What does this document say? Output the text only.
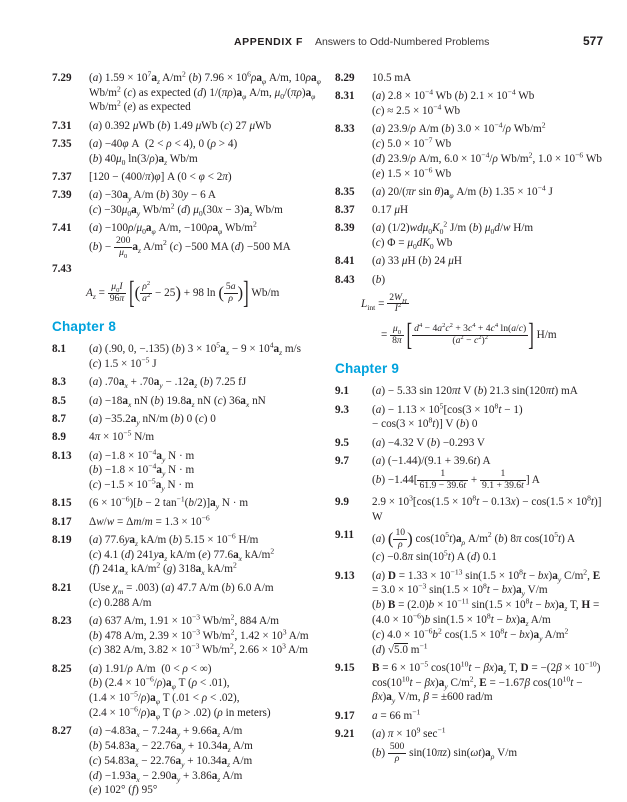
APPENDIX F Answers to Odd-Numbered Problems	577
7.29	(a) $1.59 \times 10^7a_z$ $A/m^2$ (b) $7.96 \times 10^6\rho a_\varphi$ A/m, $10\rho a_\varphi$ $Wb/m^2$ (c) as expected (d) $1/(\pi\rho)a_\varphi$ A/m, $\mu_0/(\pi\rho)a_\varphi$ $Wb/m^2$ (e) as expected
7.31	(a) 0.392 μWb (b) 1.49 μWb (c) 27 μWb
7.35	(a) −40φ A  (2 < ρ < 4), 0 (ρ > 4)
(b) $40\mu_0$ $\ln(3/\rho)a_z$ Wb/m
7.37	[120 − (400/π)φ] A (0 < φ < 2π)
7.39	$(a) -30a_y$ A/m (b) 30y − 6 A
$(c) -30\mu_0a_y$ $Wb/m^2$ (d) $\mu_0(30x - 3)a_z$ Wb/m
7.41	$(a) -100\rho/\mu_0a_\varphi$ A/m, $-100\rho a_\varphi$ $Wb/m^2$
$(b) - \frac{200}{\mu_0} a_z$ $A/m^2$ (c) −500 MA (d) −500 MA
7.43
$A_z = \frac{\mu_0I}{96\pi}$ [( $\frac{\rho^2}{a^2} - 25) + 98$ ln ( $\frac{5a}{\rho}$ )] Wb/m
Chapter 8
8.1	(a) (.90, 0, −.135) (b) $3 \times 10^5a_x - 9 \times 10^4a_z$ m/s
(c) $1.5 \times 10^{-5}$ J
8.3	(a) $.70a_x + .70a_y - .12a_z$ (b) 7.25 fJ
8.5	$(a) -18a_x$ nN (b) $19.8a_z$ nN (c) $36a_x$ nN
8.7	$(a) -35.2a_y$ nN/m (b) 0 (c) 0
8.9	$4\pi \times 10^{-5}$ N/m
8.13	$(a) -1.8 \times 10^{-4}a_y$ N · m
$(b) -1.8 \times 10^{-4}a_y$ N · m
$(c) -1.5 \times 10^{-5}a_y$ N · m
8.15	$(6 \times 10^{-6})[b - 2$ $\tan^{-1}(b/2)]a_y$ N · m
8.17	$\Delta w/w = \Delta m/m = 1.3 \times 10^{-6}$
8.19	(a) $77.6ya_z$ kA/m (b) $5.15 \times 10^{-6}$ H/m
(c) 4.1 (d) $241ya_z$ kA/m (e) $77.6a_x$ $kA/m^2$
(f) $241a_x$ $kA/m^2$ (g) $318a_x$ $kA/m^2$
8.21	(Use $\chi_m = .003$) (a) 47.7 A/m (b) 6.0 A/m
(c) 0.288 A/m
8.23	(a) 637 A/m, $1.91 \times 10^{-3}$ $Wb/m^2$, 884 A/m
(b) 478 A/m, $2.39 \times 10^{-3}$ $Wb/m^2$, $1.42 \times 10^3$ A/m
(c) 382 A/m, $3.82 \times 10^{-3}$ $Wb/m^2$, $2.66 \times 10^3$ A/m
8.25	(a) 1.91/ρ A/m  (0 < ρ < ∞)
(b) $(2.4 \times 10^{-6}/\rho)a_\varphi$ T (ρ < .01),
$(1.4 \times 10^{-5}/\rho)a_\varphi$ T (.01 < ρ < .02),
$(2.4 \times 10^{-6}/\rho)a_\varphi$ T (ρ > .02) (ρ in meters)
8.27	$(a) -4.83a_x - 7.24a_y + 9.66a_z$ A/m
(b) $54.83a_x - 22.76a_y + 10.34a_z$ A/m
(c) $54.83a_x - 22.76a_y + 10.34a_z$ A/m
$(d) -1.93a_x - 2.90a_y + 3.86a_z$ A/m
(e) 102° (f) 95°
8.29	10.5 mA
8.31	(a) $2.8 \times 10^{-4}$ Wb (b) $2.1 \times 10^{-4}$ Wb
$(c) \approx 2.5 \times 10^{-4}$ Wb
8.33	(a) 23.9/ρ A/m (b) $3.0 \times 10^{-4}/\rho$ $Wb/m^2$
(c) $5.0 \times 10^{-7}$ Wb
(d) 23.9/ρ A/m, $6.0 \times 10^{-4}/\rho$ $Wb/m^2$, $1.0 \times 10^{-6}$ Wb (e) $1.5 \times 10^{-6}$ Wb
8.35	(a) 20/(πr $\sin \theta)a_\varphi$ A/m (b) $1.35 \times 10^{-4}$ J
8.37	0.17 μH
8.39	(a) $(1/2)wd\mu_0K_0^2$ J/m (b) $\mu_0d/w$ H/m
(c) $\Phi = \mu_0dK_0$ Wb
8.41	(a) 33 μH (b) 24 μH
8.43	(b)
$L_{int} = \frac{2W_H}{I^2}$
= $\frac{\mu_0}{8\pi}$ [ $\frac{d^4 - 4a^2c^2 + 3c^4 + 4c^4 \ln(a/c)}{(a^2 - c^2)^2}$ ] H/m
Chapter 9
9.1	(a) − 5.33 sin 120πt V (b) 21.3 sin(120πt) mA
9.3	$(a) - 1.13 \times 10^5[\cos(3 \times 10^8t - 1)$
− $\cos(3 \times 10^8t)$] V (b) 0
9.5	(a) −4.32 V (b) −0.293 V
9.7	(a) (−1.44)/(9.1 + 39.6t) A
$(b) -1.44[ \frac{1}{61.9 - 39.6t} + \frac{1}{9.1 + 39.6t}$ ] A
9.9	$2.9 \times 10^3[\cos(1.5 \times 10^8t - 0.13x) - \cos(1.5 \times 10^8t)]$ W
9.11	(a) ( $\frac{10}{\rho}$ ) $\cos(10^5t)a_\rho$ $A/m^2$ (b) 8π $\cos(10^5t)$ A
(c) −0.8π $\sin(10^5t)$ A (d) 0.1
9.13	(a) $D = 1.33 \times 10^{-13}$ $\sin(1.5 \times 10^8t - bx)a_y$ $C/m^2$, $E = 3.0 \times 10^{-3}$ $\sin(1.5 \times 10^8t - bx)a_y$ V/m
(b) $B = (2.0)b \times 10^{-11}$ $\sin(1.5 \times 10^8t - bx)a_z$ T, $H = (4.0 \times 10^{-6})b$ $\sin(1.5 \times 10^8t - bx)a_z$ A/m
(c) $4.0 \times 10^{-6}b^2$ $\cos(1.5 \times 10^8t - bx)a_y$ $A/m^2$
(d) √5.0 $m^{-1}$
9.15	$B = 6 \times 10^{-5}$ $\cos(10^{10}t - \beta x)a_z$ T, $D = -(2\beta \times 10^{-10})$ $\cos(10^{10}t - \beta x)a_y$ $C/m^2$, E = −1.67β $\cos(10^{10}t - \beta x)a_y$ V/m, β = ±600 rad/m
9.17	a = 66 $m^{-1}$
9.21	(a) $\pi \times 10^9$ $\sec^{-1}$
$(b) \frac{500}{\rho} \sin(10\pi z)$ $\sin(\omega t)a_\rho$ V/m
